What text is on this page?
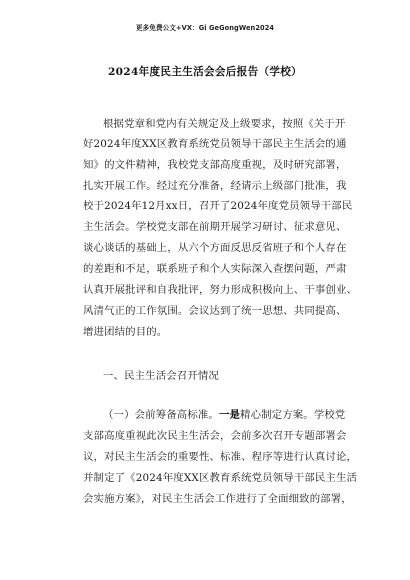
更多免费公文+VX：Gi GeGongWen2024
2024年度民主生活会会后报告（学校）
根据党章和党内有关规定及上级要求，按照《关于开
好2024年度XX区教育系统党员领导干部民主生活会的通
知》的文件精神，我校党支部高度重视，及时研究部署，
扎实开展工作。经过充分准备，经请示上级部门批准，我
校于2024年12月xx日，召开了2024年度党员领导干部民
主生活会。学校党支部在前期开展学习研讨、征求意见、
谈心谈话的基础上，从六个方面反思反省班子和个人存在
的差距和不足，联系班子和个人实际深入查摆问题，严肃
认真开展批评和自我批评，努力形成积极向上、干事创业、
风清气正的工作氛围。会议达到了统一思想、共同提高、
增进团结的目的。
一、民主生活会召开情况
（一）会前筹备高标准。一是精心制定方案。学校党
支部高度重视此次民主生活会，会前多次召开专题部署会
议，对民主生活会的重要性、标准、程序等进行认真讨论，
并制定了《2024年度XX区教育系统党员领导干部民主生活
会实施方案》，对民主生活会工作进行了全面细致的部署，
